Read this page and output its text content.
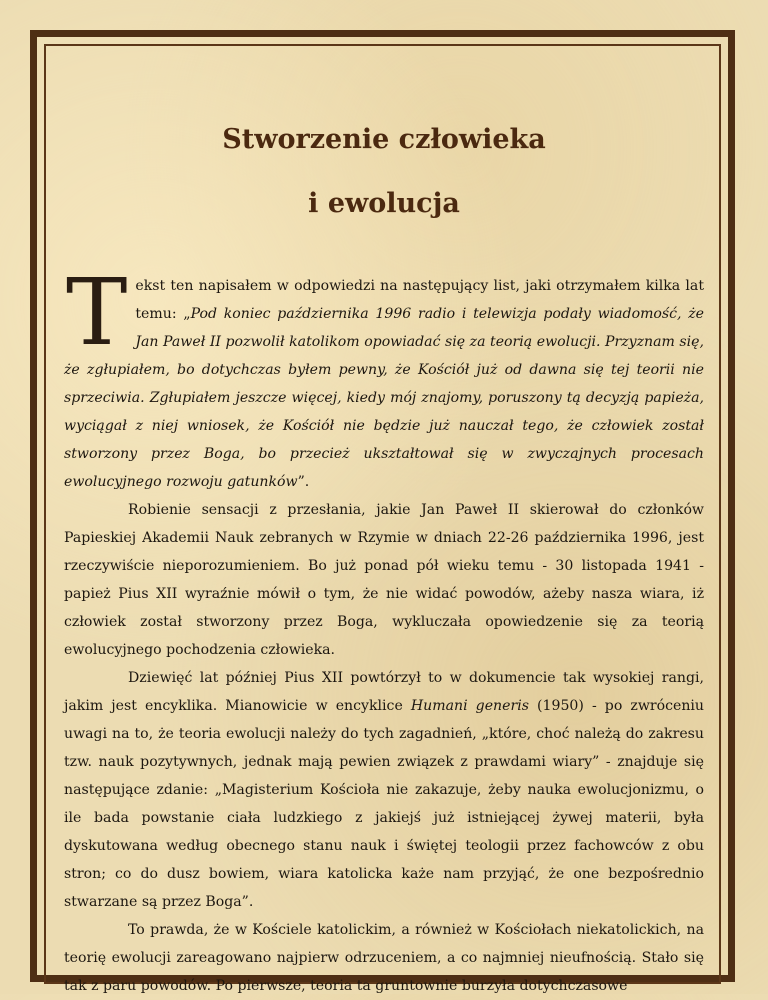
Stworzenie człowieka
i ewolucja

Tekst ten napisałem w odpowiedzi na następujący list, jaki otrzymałem kilka lat temu: „Pod koniec października 1996 radio i telewizja podały wiadomość, że Jan Paweł II pozwolił katolikom opowiadać się za teorią ewolucji. Przyznam się, że zgłupiałem, bo dotychczas byłem pewny, że Kościół już od dawna się tej teorii nie sprzeciwia. Zgłupiałem jeszcze więcej, kiedy mój znajomy, poruszony tą decyzją papieża, wyciągał z niej wniosek, że Kościół nie będzie już nauczał tego, że człowiek został stworzony przez Boga, bo przecież ukształtował się w zwyczajnych procesach ewolucyjnego rozwoju gatunków”.

Robienie sensacji z przesłania, jakie Jan Paweł II skierował do członków Papieskiej Akademii Nauk zebranych w Rzymie w dniach 22-26 października 1996, jest rzeczywiście nieporozumieniem. Bo już ponad pół wieku temu - 30 listopada 1941 - papież Pius XII wyraźnie mówił o tym, że nie widać powodów, ażeby nasza wiara, iż człowiek został stworzony przez Boga, wykluczała opowiedzenie się za teorią ewolucyjnego pochodzenia człowieka.

Dziewięć lat później Pius XII powtórzył to w dokumencie tak wysokiej rangi, jakim jest encyklika. Mianowicie w encyklice Humani generis (1950) - po zwróceniu uwagi na to, że teoria ewolucji należy do tych zagadnień, „które, choć należą do zakresu tzw. nauk pozytywnych, jednak mają pewien związek z prawdami wiary” - znajduje się następujące zdanie: „Magisterium Kościoła nie zakazuje, żeby nauka ewolucjonizmu, o ile bada powstanie ciała ludzkiego z jakiejś już istniejącej żywej materii, była dyskutowana według obecnego stanu nauk i świętej teologii przez fachowców z obu stron; co do dusz bowiem, wiara katolicka każe nam przyjąć, że one bezpośrednio stwarzane są przez Boga”.

To prawda, że w Kościele katolickim, a również w Kościołach niekatolickich, na teorię ewolucji zareagowano najpierw odrzuceniem, a co najmniej nieufnością. Stało się tak z paru powodów. Po pierwsze, teoria ta gruntownie burzyła dotychczasowe
